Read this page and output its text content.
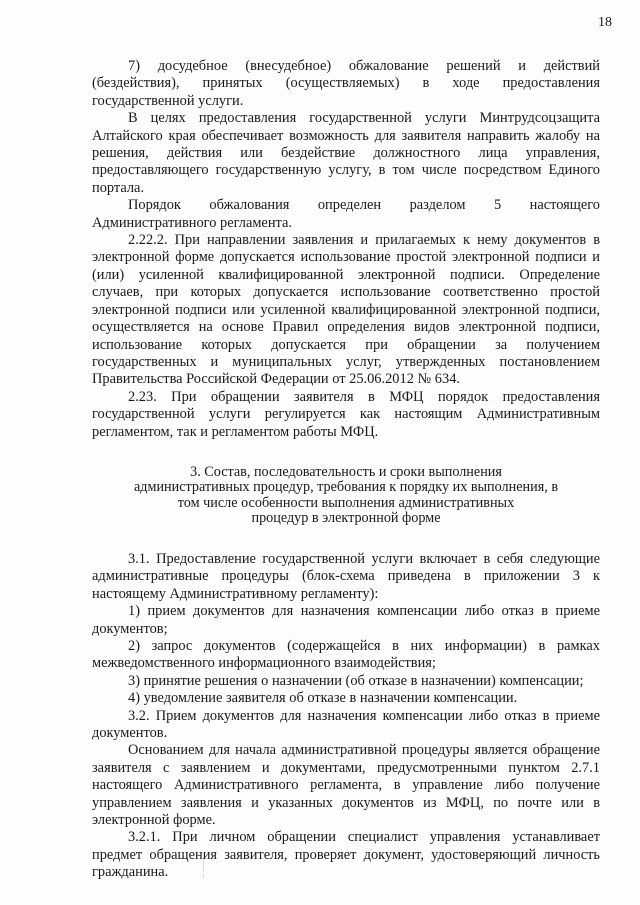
18

7) досудебное (внесудебное) обжалование решений и действий (бездействия), принятых (осуществляемых) в ходе предоставления государственной услуги.

В целях предоставления государственной услуги Минтрудсоцзащита Алтайского края обеспечивает возможность для заявителя направить жалобу на решения, действия или бездействие должностного лица управления, предоставляющего государственную услугу, в том числе посредством Единого портала.

Порядок обжалования определен разделом 5 настоящего Административного регламента.

2.22.2. При направлении заявления и прилагаемых к нему документов в электронной форме допускается использование простой электронной подписи и (или) усиленной квалифицированной электронной подписи. Определение случаев, при которых допускается использование соответственно простой электронной подписи или усиленной квалифицированной электронной подписи, осуществляется на основе Правил определения видов электронной подписи, использование которых допускается при обращении за получением государственных и муниципальных услуг, утвержденных постановлением Правительства Российской Федерации от 25.06.2012 № 634.

2.23. При обращении заявителя в МФЦ порядок предоставления государственной услуги регулируется как настоящим Административным регламентом, так и регламентом работы МФЦ.

3. Состав, последовательность и сроки выполнения
административных процедур, требования к порядку их выполнения, в том числе особенности выполнения административных
процедур в электронной форме

3.1. Предоставление государственной услуги включает в себя следующие административные процедуры (блок-схема приведена в приложении 3 к настоящему Административному регламенту):

1) прием документов для назначения компенсации либо отказ в приеме документов;

2) запрос документов (содержащейся в них информации) в рамках межведомственного информационного взаимодействия;

3) принятие решения о назначении (об отказе в назначении) компенсации;

4) уведомление заявителя об отказе в назначении компенсации.

3.2. Прием документов для назначения компенсации либо отказ в приеме документов.

Основанием для начала административной процедуры является обращение заявителя с заявлением и документами, предусмотренными пунктом 2.7.1 настоящего Административного регламента, в управление либо получение управлением заявления и указанных документов из МФЦ, по почте или в электронной форме.

3.2.1. При личном обращении специалист управления устанавливает предмет обращения заявителя, проверяет документ, удостоверяющий личность гражданина.
